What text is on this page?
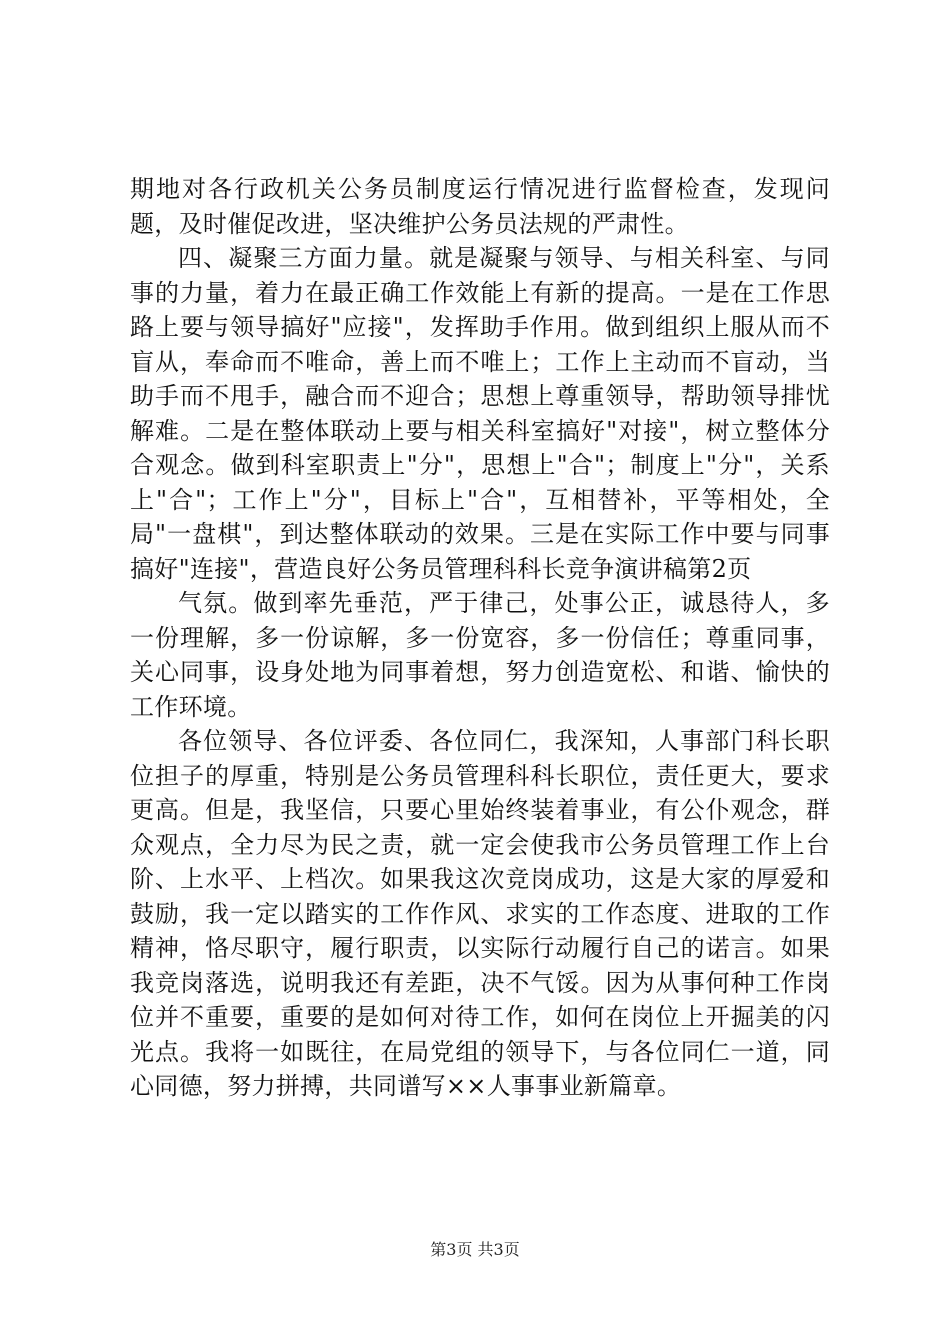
期地对各行政机关公务员制度运行情况进行监督检查，发现问题，及时催促改进，坚决维护公务员法规的严肃性。

四、凝聚三方面力量。就是凝聚与领导、与相关科室、与同事的力量，着力在最正确工作效能上有新的提高。一是在工作思路上要与领导搞好"应接"，发挥助手作用。做到组织上服从而不盲从，奉命而不唯命，善上而不唯上；工作上主动而不盲动，当助手而不甩手，融合而不迎合；思想上尊重领导，帮助领导排忧解难。二是在整体联动上要与相关科室搞好"对接"，树立整体分合观念。做到科室职责上"分"，思想上"合"；制度上"分"，关系上"合"；工作上"分"，目标上"合"，互相替补，平等相处，全局"一盘棋"，到达整体联动的效果。三是在实际工作中要与同事搞好"连接"，营造良好公务员管理科科长竞争演讲稿第2页

气氛。做到率先垂范，严于律己，处事公正，诚恳待人，多一份理解，多一份谅解，多一份宽容，多一份信任；尊重同事，关心同事，设身处地为同事着想，努力创造宽松、和谐、愉快的工作环境。

各位领导、各位评委、各位同仁，我深知，人事部门科长职位担子的厚重，特别是公务员管理科科长职位，责任更大，要求更高。但是，我坚信，只要心里始终装着事业，有公仆观念，群众观点，全力尽为民之责，就一定会使我市公务员管理工作上台阶、上水平、上档次。如果我这次竞岗成功，这是大家的厚爱和鼓励，我一定以踏实的工作作风、求实的工作态度、进取的工作精神，恪尽职守，履行职责，以实际行动履行自己的诺言。如果我竞岗落选，说明我还有差距，决不气馁。因为从事何种工作岗位并不重要，重要的是如何对待工作，如何在岗位上开掘美的闪光点。我将一如既往，在局党组的领导下，与各位同仁一道，同心同德，努力拼搏，共同谱写××人事事业新篇章。

第3页 共3页
